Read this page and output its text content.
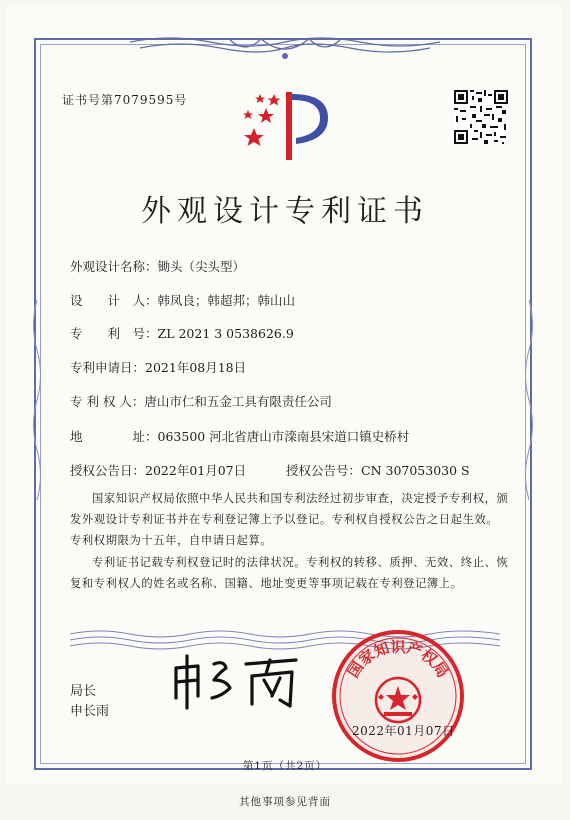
证书号第7079595号
外观设计专利证书
外观设计名称：锄头（尖头型）
设　　计　人：韩凤良；韩超邦；韩山山
专　　利　号：ZL 2021 3 0538626.9
专利申请日：2021年08月18日
专 利 权 人：唐山市仁和五金工具有限责任公司
地　　　　址：063500 河北省唐山市滦南县宋道口镇史桥村
授权公告日：2022年01月07日	授权公告号：CN 307053030 S
国家知识产权局依照中华人民共和国专利法经过初步审查，决定授予专利权，颁发外观设计专利证书并在专利登记簿上予以登记。专利权自授权公告之日起生效。专利权期限为十五年，自申请日起算。
专利证书记载专利权登记时的法律状况。专利权的转移、质押、无效、终止、恢复和专利权人的姓名或名称、国籍、地址变更等事项记载在专利登记簿上。
局长
申长雨
国家知识产权局
2022年01月07日
第1页（共2页）
其他事项参见背面
